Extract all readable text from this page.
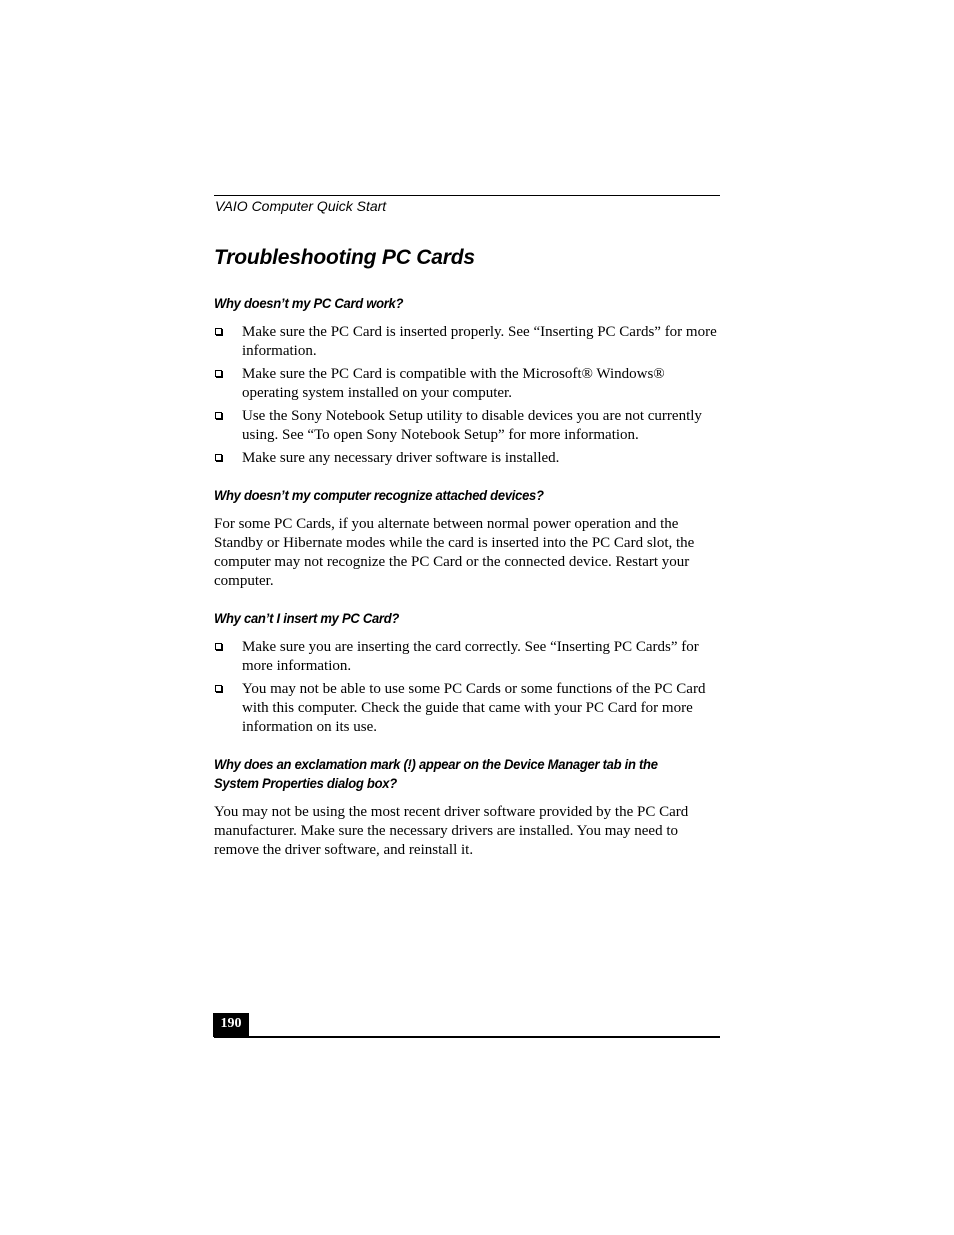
VAIO Computer Quick Start
Troubleshooting PC Cards
Why doesn’t my PC Card work?
Make sure the PC Card is inserted properly. See “Inserting PC Cards” for more information.
Make sure the PC Card is compatible with the Microsoft® Windows® operating system installed on your computer.
Use the Sony Notebook Setup utility to disable devices you are not currently using. See “To open Sony Notebook Setup” for more information.
Make sure any necessary driver software is installed.
Why doesn’t my computer recognize attached devices?

For some PC Cards, if you alternate between normal power operation and the Standby or Hibernate modes while the card is inserted into the PC Card slot, the computer may not recognize the PC Card or the connected device. Restart your computer.

Why can’t I insert my PC Card?
Make sure you are inserting the card correctly. See “Inserting PC Cards” for more information.
You may not be able to use some PC Cards or some functions of the PC Card with this computer. Check the guide that came with your PC Card for more information on its use.
Why does an exclamation mark (!) appear on the Device Manager tab in the
System Properties dialog box?

You may not be using the most recent driver software provided by the PC Card manufacturer. Make sure the necessary drivers are installed. You may need to remove the driver software, and reinstall it.

190
